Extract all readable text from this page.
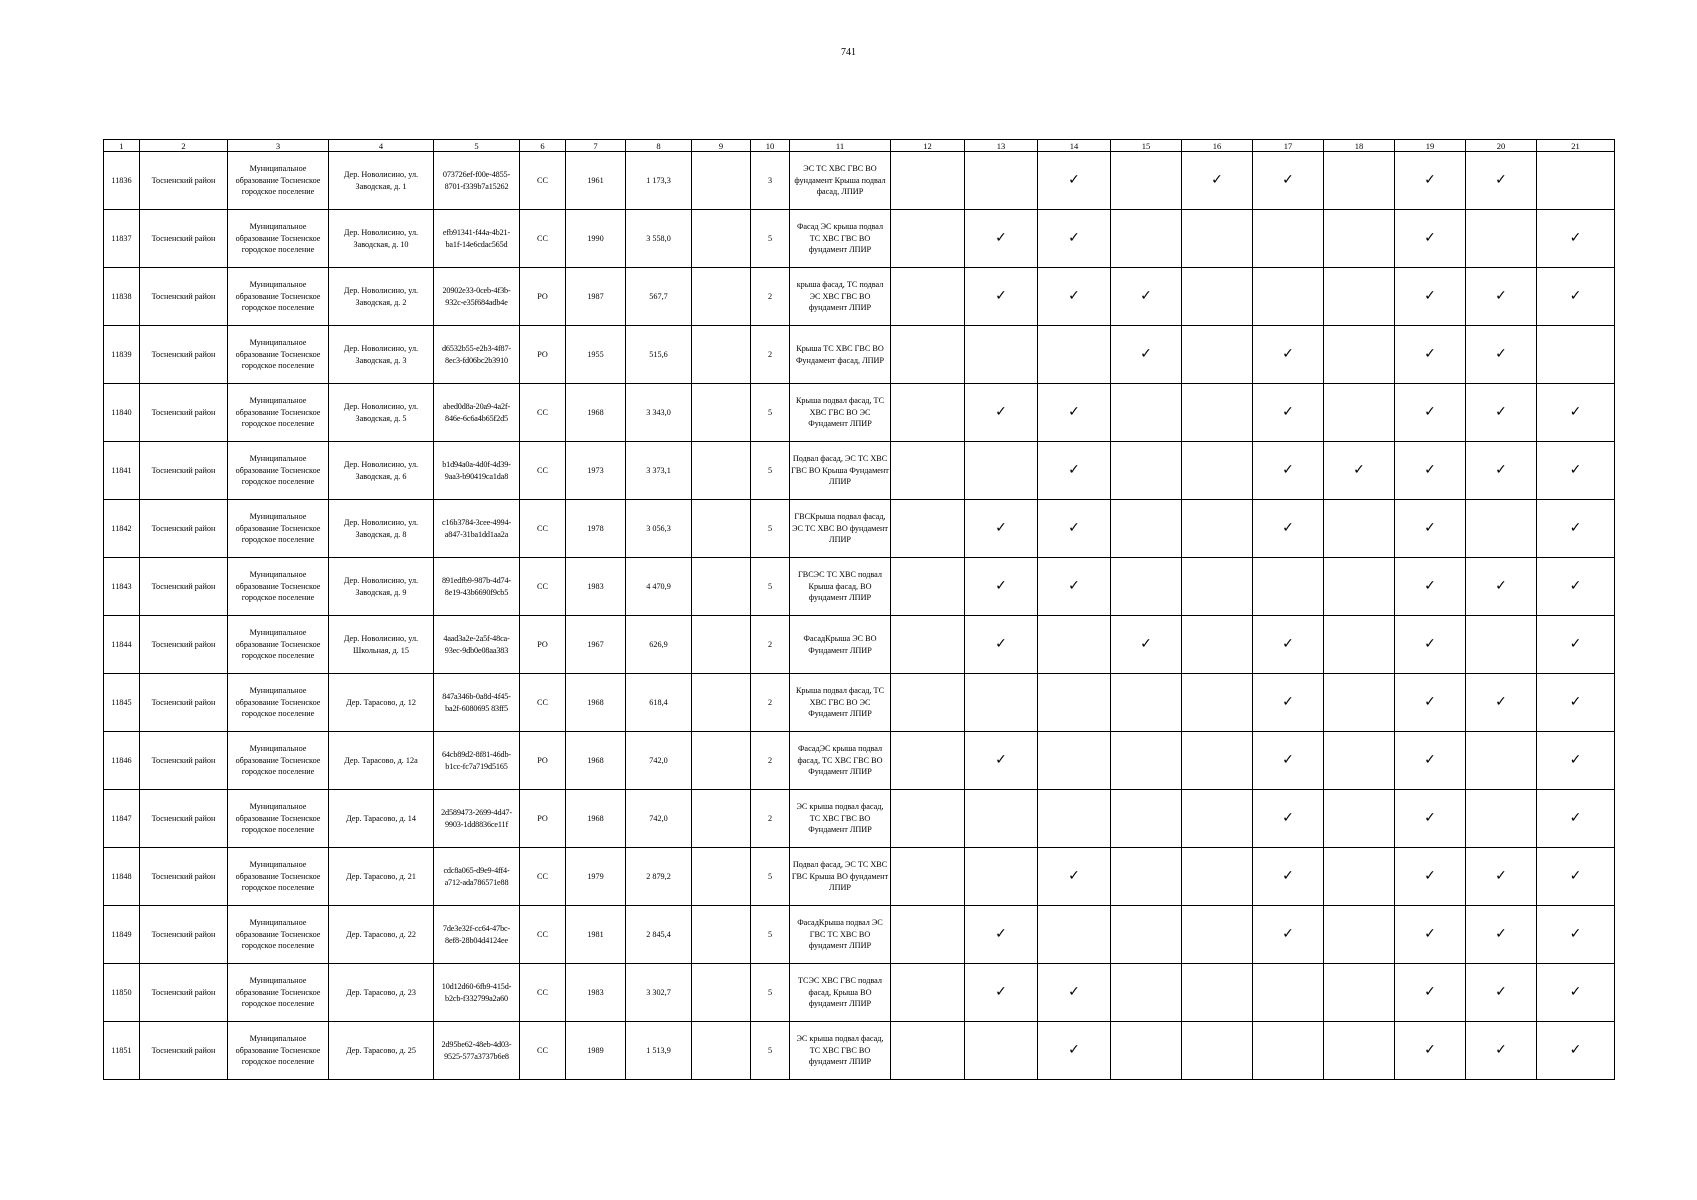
741
1	2	3	4	5	6	7	8	9	10	11	12	13	14	15	16	17	18	19	20	21
11836	Тосненский район	Муниципальное образование Тосненское городское поселение	Дер. Новолисино, ул. Заводская, д. 1	073726ef-f00e-4855-8701-f339b7a15262	СС	1961	1 173,3		3	ЭС ТС ХВС ГВС ВО фундамент Крыша подвал фасад, ЛПИР			✓		✓	✓		✓	✓	
11837	Тосненский район	Муниципальное образование Тосненское городское поселение	Дер. Новолисино, ул. Заводская, д. 10	efb91341-f44a-4b21-ba1f-14e6cdac565d	СС	1990	3 558,0		5	Фасад ЭС крыша подвал ТС ХВС ГВС ВО фундамент ЛПИР		✓	✓					✓		✓
11838	Тосненский район	Муниципальное образование Тосненское городское поселение	Дер. Новолисино, ул. Заводская, д. 2	20902e33-0ceb-4f3b-932c-e35f684adb4e	РО	1987	567,7		2	крыша фасад, ТС подвал ЭС ХВС ГВС ВО фундамент ЛПИР		✓	✓	✓				✓	✓	✓
11839	Тосненский район	Муниципальное образование Тосненское городское поселение	Дер. Новолисино, ул. Заводская, д. 3	d6532b55-e2b3-4f87-8ec3-fd06bc2b3910	РО	1955	515,6		2	Крыша ТС ХВС ГВС ВО Фундамент фасад, ЛПИР				✓		✓		✓	✓	
11840	Тосненский район	Муниципальное образование Тосненское городское поселение	Дер. Новолисино, ул. Заводская, д. 5	abed0d8a-20a9-4a2f-846e-6c6a4b65f2d5	СС	1968	3 343,0		5	Крыша подвал фасад, ТС ХВС ГВС ВО ЭС Фундамент ЛПИР		✓	✓			✓		✓	✓	✓
11841	Тосненский район	Муниципальное образование Тосненское городское поселение	Дер. Новолисино, ул. Заводская, д. 6	b1d94a0a-4d0f-4d39-9aa3-b90419ca1da8	СС	1973	3 373,1		5	Подвал фасад, ЭС ТС ХВС ГВС ВО Крыша Фундамент ЛПИР			✓			✓	✓	✓	✓	✓
11842	Тосненский район	Муниципальное образование Тосненское городское поселение	Дер. Новолисино, ул. Заводская, д. 8	c16b3784-3cee-4994-a847-31ba1dd1aa2a	СС	1978	3 056,3		5	ГВСКрыша подвал фасад, ЭС ТС ХВС ВО фундамент ЛПИР		✓	✓			✓		✓		✓
11843	Тосненский район	Муниципальное образование Тосненское городское поселение	Дер. Новолисино, ул. Заводская, д. 9	891edfb9-987b-4d74-8e19-43b6690f9cb5	СС	1983	4 470,9		5	ГВСЭС ТС ХВС подвал Крыша фасад, ВО фундамент ЛПИР		✓	✓					✓	✓	✓
11844	Тосненский район	Муниципальное образование Тосненское городское поселение	Дер. Новолисино, ул. Школьная, д. 15	4aad3a2e-2a5f-48ca-93ec-9db0e08aa383	РО	1967	626,9		2	ФасадКрыша ЭС ВО Фундамент ЛПИР		✓		✓		✓		✓		✓
11845	Тосненский район	Муниципальное образование Тосненское городское поселение	Дер. Тарасово, д. 12	847a346b-0a8d-4f45-ba2f-6080695 83ff5	СС	1968	618,4		2	Крыша подвал фасад, ТС ХВС ГВС ВО ЭС Фундамент ЛПИР						✓		✓	✓	✓
11846	Тосненский район	Муниципальное образование Тосненское городское поселение	Дер. Тарасово, д. 12а	64cb89d2-8f81-46db-b1cc-fc7a719d5165	РО	1968	742,0		2	ФасадЭС крыша подвал фасад, ТС ХВС ГВС ВО Фундамент ЛПИР		✓				✓		✓		✓
11847	Тосненский район	Муниципальное образование Тосненское городское поселение	Дер. Тарасово, д. 14	2d589473-2699-4d47-9903-1dd8836ce11f	РО	1968	742,0		2	ЭС крыша подвал фасад, ТС ХВС ГВС ВО Фундамент ЛПИР						✓		✓		✓
11848	Тосненский район	Муниципальное образование Тосненское городское поселение	Дер. Тарасово, д. 21	cdc8a065-d9e9-4ff4-a712-ada786571e88	СС	1979	2 879,2		5	Подвал фасад, ЭС ТС ХВС ГВС Крыша ВО фундамент ЛПИР			✓			✓		✓	✓	✓
11849	Тосненский район	Муниципальное образование Тосненское городское поселение	Дер. Тарасово, д. 22	7de3e32f-cc64-47bc-8ef8-28b04d4124ee	СС	1981	2 845,4		5	ФасадКрыша подвал ЭС ГВС ТС ХВС ВО фундамент ЛПИР		✓				✓		✓	✓	✓
11850	Тосненский район	Муниципальное образование Тосненское городское поселение	Дер. Тарасово, д. 23	10d12d60-6fb9-415d-b2cb-f332799a2a60	СС	1983	3 302,7		5	ТСЭС ХВС ГВС подвал фасад, Крыша ВО фундамент ЛПИР		✓	✓					✓	✓	✓
11851	Тосненский район	Муниципальное образование Тосненское городское поселение	Дер. Тарасово, д. 25	2d95be62-48eb-4d03-9525-577a3737b6e8	СС	1989	1 513,9		5	ЭС крыша подвал фасад, ТС ХВС ГВС ВО фундамент ЛПИР			✓					✓	✓	✓
